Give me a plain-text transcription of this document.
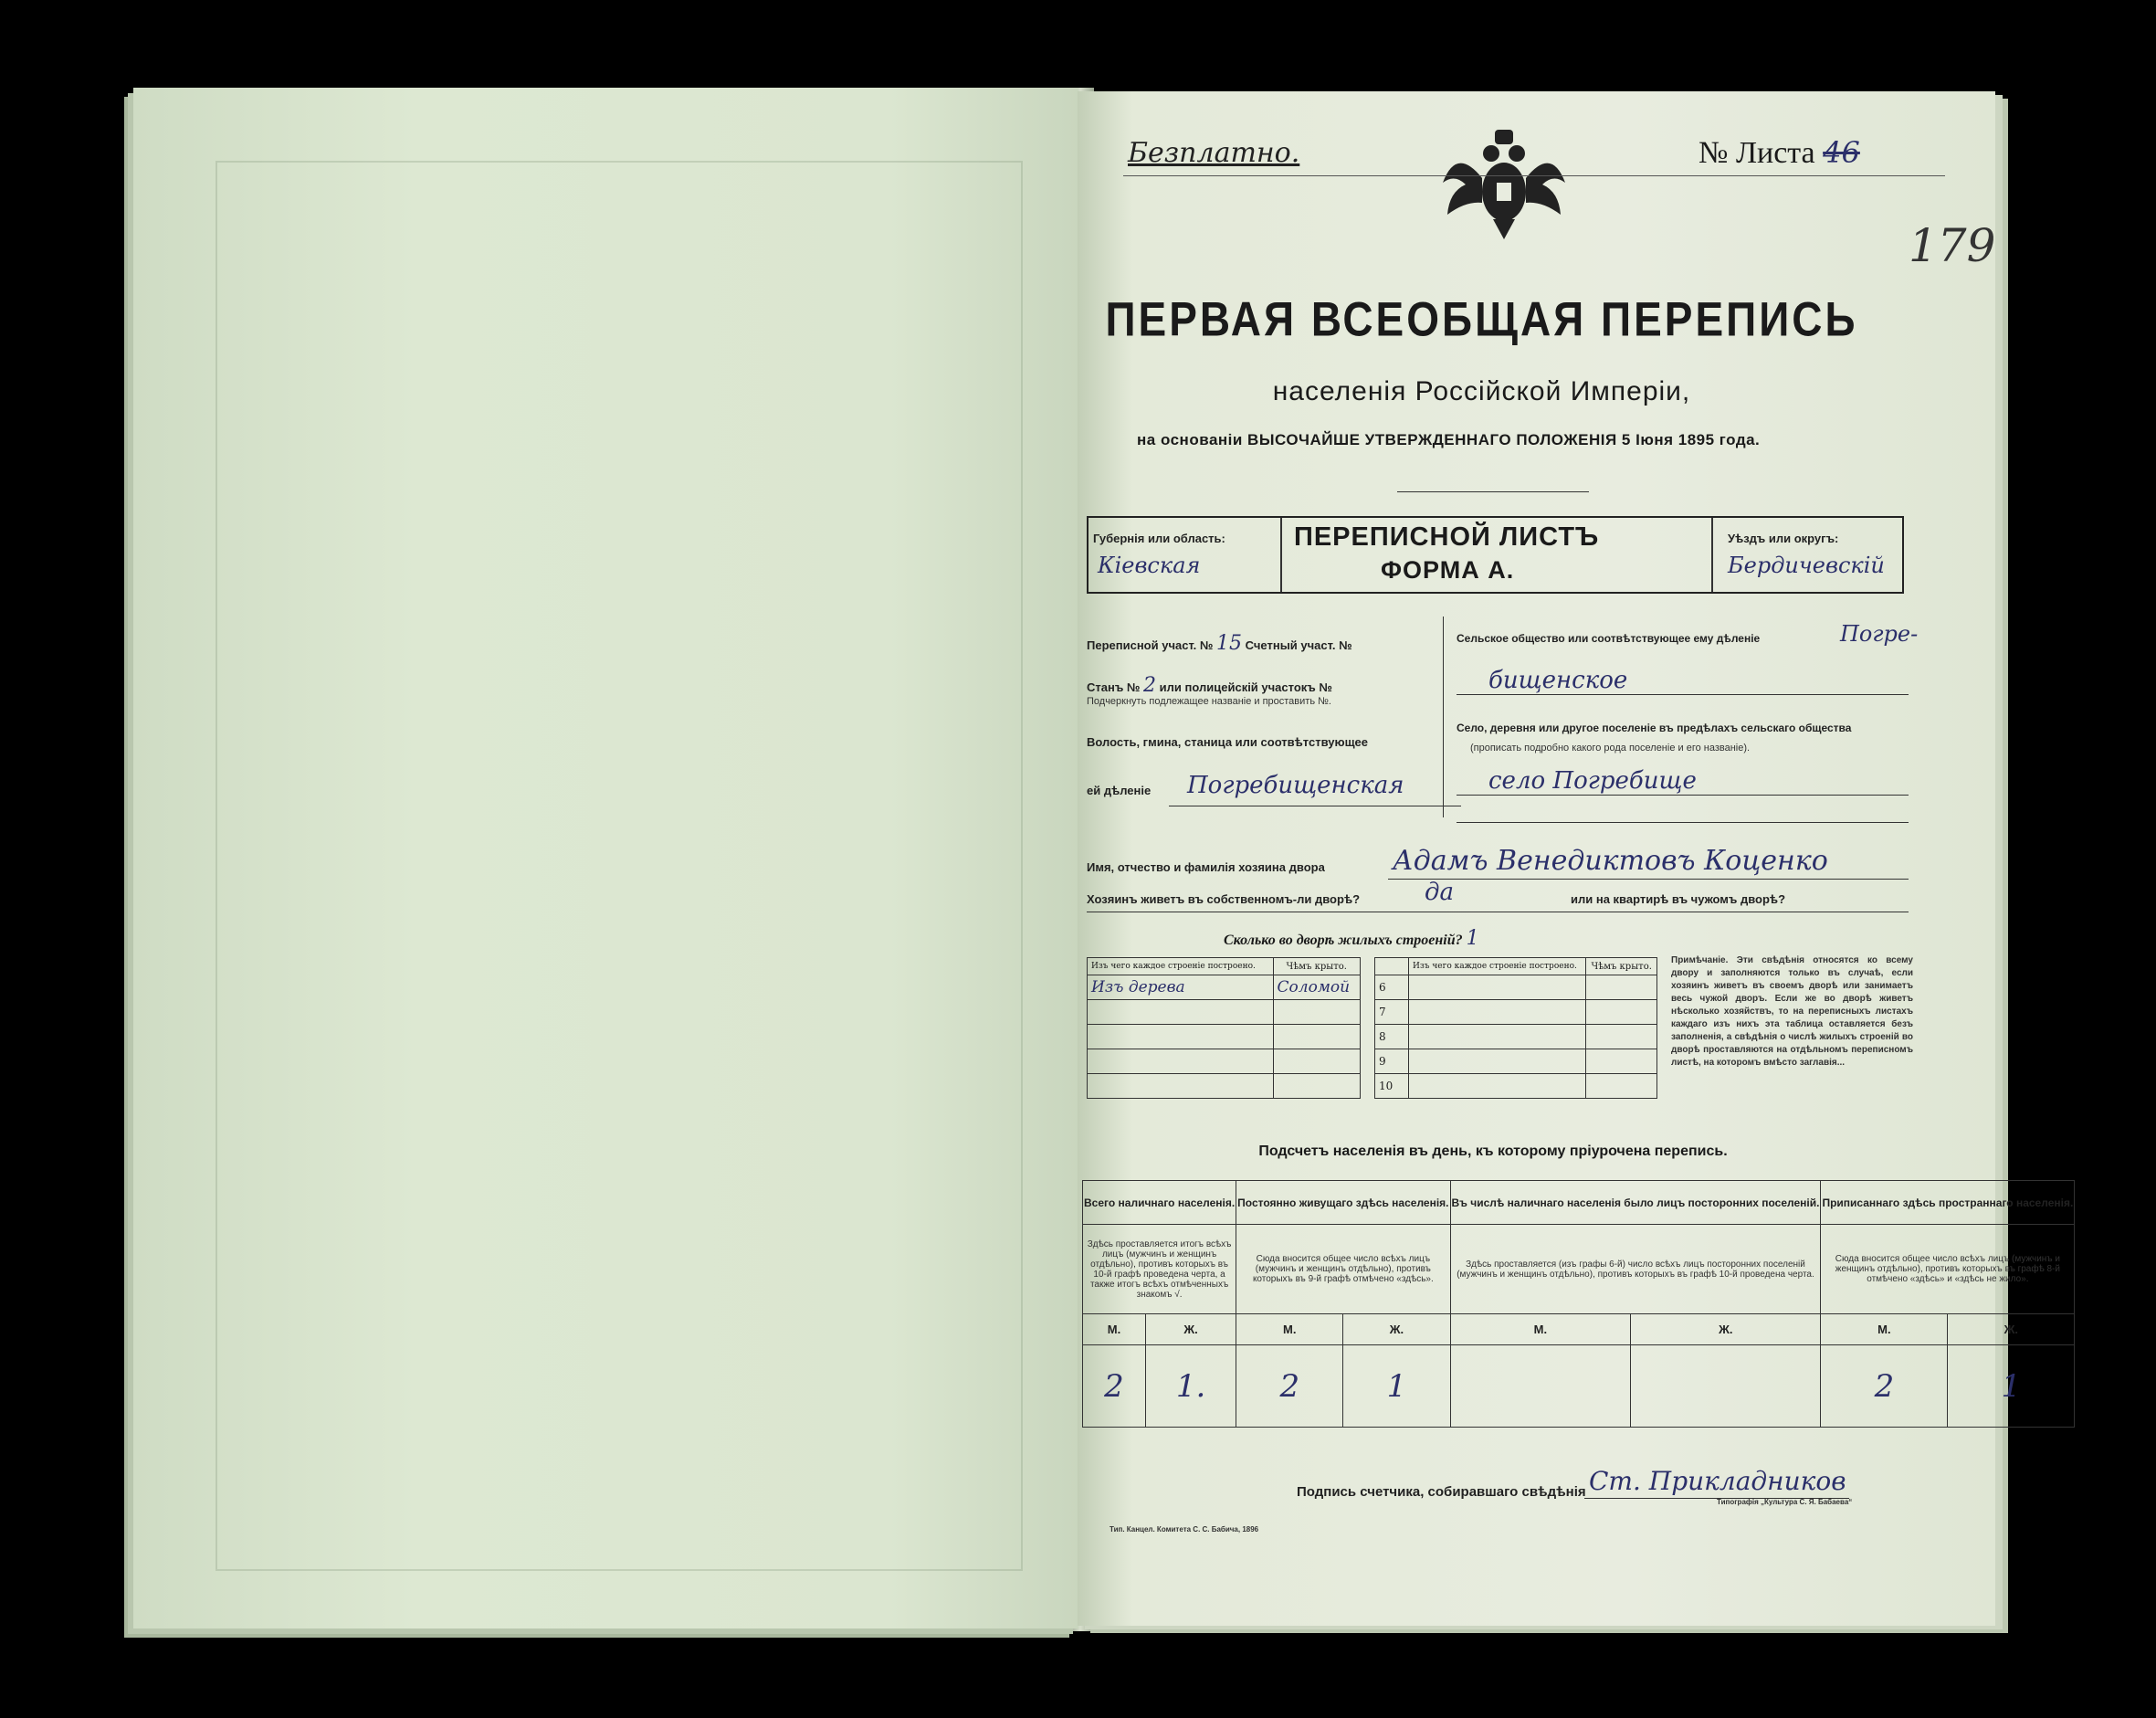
Безплатно.	№ Листа 46
179
ПЕРВАЯ ВСЕОБЩАЯ ПЕРЕПИСЬ
населенія Россійской Имперіи,
на основаніи ВЫСОЧАЙШЕ УТВЕРЖДЕННАГО ПОЛОЖЕНІЯ 5 Іюня 1895 года.
Губернія или область:
Кіевская
ПЕРЕПИСНОЙ ЛИСТЪ
ФОРМА А.
Уѣздъ или округъ:
Бердичевскій
Переписной участ. № 15 Счетный участ. №
Станъ № 2 или полицейскій участокъ №
Подчеркнуть подлежащее названіе и проставить №.
Волость, гмина, станица или соотвѣтствующее
ей дѣленіе Погребищенская
Сельское общество или соотвѣтствующее ему дѣленіе	Погре-
бищенское
Село, деревня или другое поселеніе въ предѣлахъ сельскаго общества
(прописать подробно какого рода поселеніе и его названіе).
село Погребище
Имя, отчество и фамилія хозяина двора Адамъ Венедиктовъ Коценко
Хозяинъ живетъ въ собственномъ-ли дворѣ?	да	или на квартирѣ въ чужомъ дворѣ?
Сколько во дворѣ жилыхъ строеній? 1
Изъ чего каждое строеніе построено.	Чѣмъ крыто.
Изъ дерева	Соломой

	Изъ чего каждое строеніе построено.	Чѣмъ крыто.
6		
7		
8		
9		
10		
Примѣчаніе. Эти свѣдѣнія относятся ко всему двору и заполняются только въ случаѣ, если хозяинъ живетъ въ своемъ дворѣ или занимаетъ весь чужой дворъ. Если же во дворѣ живетъ нѣсколько хозяйствъ, то на переписныхъ листахъ каждаго изъ нихъ эта таблица оставляется безъ заполненія, а свѣдѣнія о числѣ жилыхъ строеній во дворѣ проставляются на отдѣльномъ переписномъ листѣ, на которомъ вмѣсто заглавія...
Подсчетъ населенія въ день, къ которому пріурочена перепись.
Всего наличнаго населенія.		Постоянно живущаго здѣсь населенія.		Въ числѣ наличнаго населенія было лицъ посторонних поселеній.		Приписаннаго здѣсь пространнаго населенія.	
Здѣсь проставляется итогъ всѣхъ лицъ (мужчинъ и женщинъ отдѣльно), противъ которыхъ въ 10-й графѣ проведена черта, а также итогъ всѣхъ отмѣченныхъ знакомъ √.		Сюда вносится общее число всѣхъ лицъ (мужчинъ и женщинъ отдѣльно), противъ которыхъ въ 9-й графѣ отмѣчено «здѣсь».		Здѣсь проставляется (изъ графы 6-й) число всѣхъ лицъ посторонних поселеній (мужчинъ и женщинъ отдѣльно), противъ которыхъ въ графѣ 10-й проведена черта.		Сюда вносится общее число всѣхъ лицъ (мужчинъ и женщинъ отдѣльно), противъ которыхъ въ графѣ 8-й отмѣчено «здѣсь» и «здѣсь не жило».	
М.	Ж.	М.	Ж.	М.	Ж.	М.	Ж.
2	1.	2	1			2	1
Подпись счетчика, собиравшаго свѣдѣнія Ст. Прикладников
Тип. Канцел. Комитета С. С. Бабича, 1896
Типографія „Культура С. Я. Бабаева“
